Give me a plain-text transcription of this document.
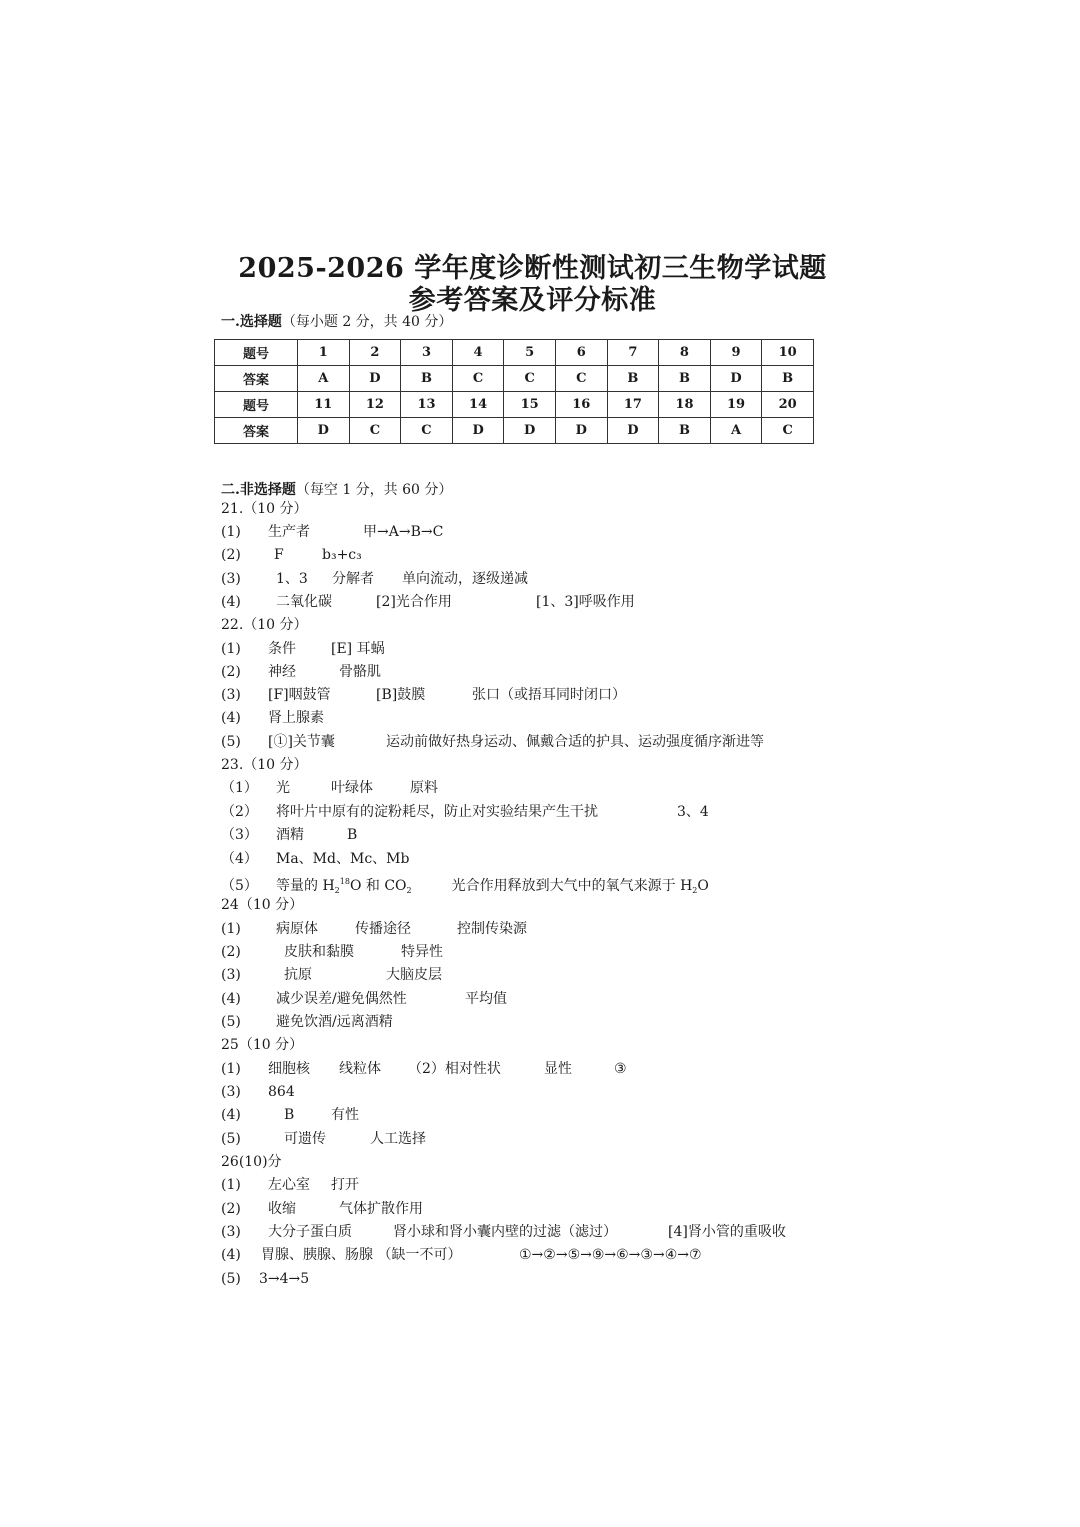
2025-2026 学年度诊断性测试初三生物学试题
参考答案及评分标准
一.选择题（每小题 2 分，共 40 分）
题号	1	2	3	4	5	6	7	8	9	10
答案	A	D	B	C	C	C	B	B	D	B
题号	11	12	13	14	15	16	17	18	19	20
答案	D	C	C	D	D	D	D	B	A	C
二.非选择题（每空 1 分，共 60 分）
21.（10 分）
(1) 生产者	甲→A→B→C
(2) F	b₃+c₃
(3)	1、3 分解者 单向流动，逐级递减
(4)	二氧化碳	[2]光合作用	[1、3]呼吸作用
22.（10 分）
(1) 条件	[E] 耳蜗
(2) 神经	骨骼肌
(3) [F]咽鼓管	[B]鼓膜	张口（或捂耳同时闭口）
(4) 肾上腺素
(5) [①]关节囊	运动前做好热身运动、佩戴合适的护具、运动强度循序渐进等
23.（10 分）
（1） 光	叶绿体	原料
（2） 将叶片中原有的淀粉耗尽，防止对实验结果产生干扰	3、4
（3） 酒精	B
（4） Ma、Md、Mc、Mb
（5） 等量的 H218O 和 CO2	光合作用释放到大气中的氧气来源于 H2O
24（10 分）
(1)	病原体	传播途径	控制传染源
(2)	皮肤和黏膜	特异性
(3)	抗原	大脑皮层
(4)	减少误差/避免偶然性	平均值
(5)	避免饮酒/远离酒精
25（10 分）
(1) 细胞核 线粒体 （2）相对性状	显性	③
(3) 864
(4)	B	有性
(5)	可遗传	人工选择
26(10)分
(1) 左心室 打开
(2) 收缩	气体扩散作用
(3) 大分子蛋白质	肾小球和肾小囊内壁的过滤（滤过）	[4]肾小管的重吸收
(4) 胃腺、胰腺、肠腺 （缺一不可）	①→②→⑤→⑨→⑥→③→④→⑦
(5) 3→4→5
